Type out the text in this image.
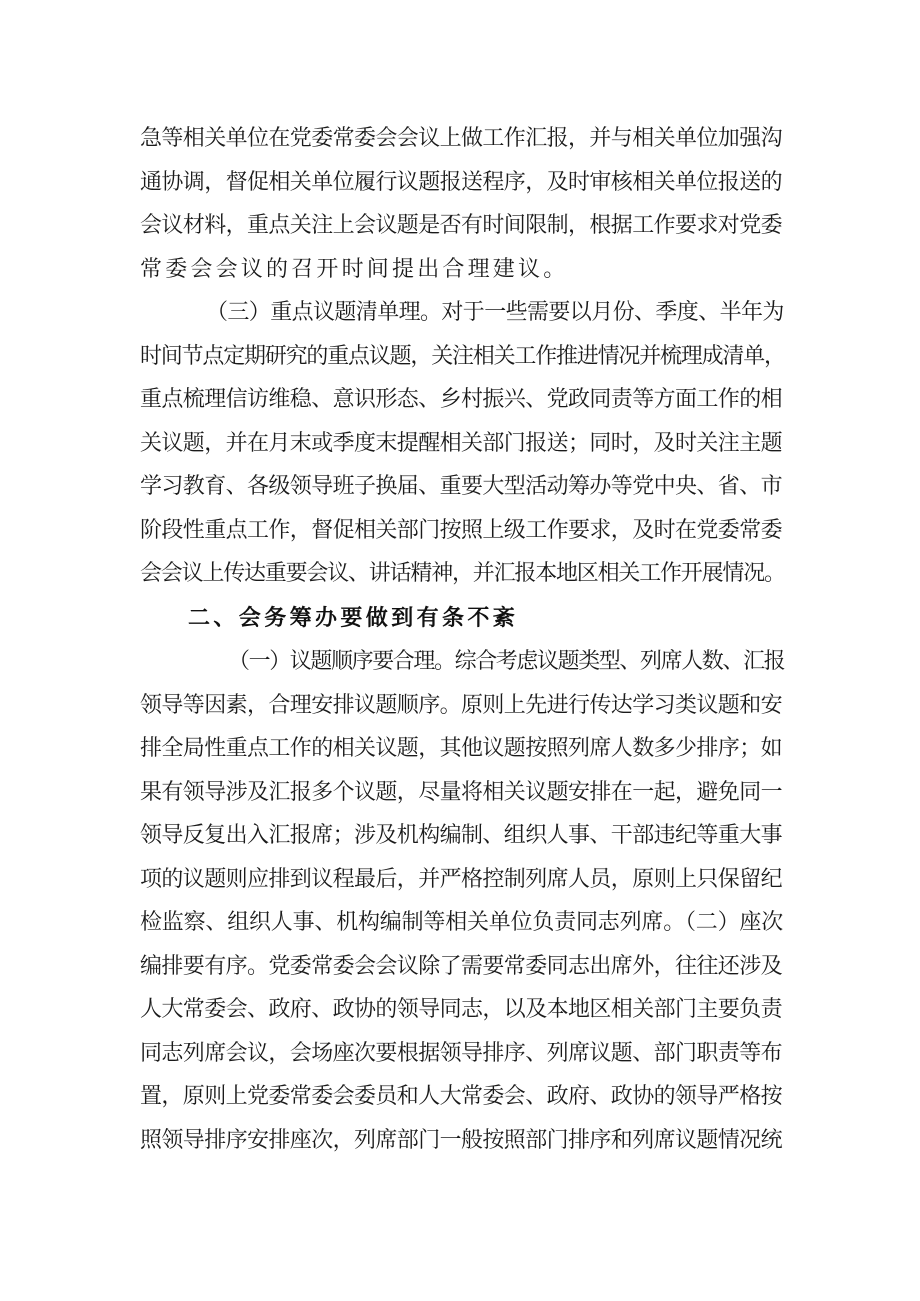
急等相关单位在党委常委会会议上做工作汇报，并与相关单位加强沟
通协调，督促相关单位履行议题报送程序，及时审核相关单位报送的
会议材料，重点关注上会议题是否有时间限制，根据工作要求对党委
常委会会议的召开时间提出合理建议。
（三）重点议题清单理。对于一些需要以月份、季度、半年为
时间节点定期研究的重点议题，关注相关工作推进情况并梳理成清单，
重点梳理信访维稳、意识形态、乡村振兴、党政同责等方面工作的相
关议题，并在月末或季度末提醒相关部门报送；同时，及时关注主题
学习教育、各级领导班子换届、重要大型活动筹办等党中央、省、市
阶段性重点工作，督促相关部门按照上级工作要求，及时在党委常委
会会议上传达重要会议、讲话精神，并汇报本地区相关工作开展情况。
二、会务筹办要做到有条不紊
（一）议题顺序要合理。综合考虑议题类型、列席人数、汇报
领导等因素，合理安排议题顺序。原则上先进行传达学习类议题和安
排全局性重点工作的相关议题，其他议题按照列席人数多少排序；如
果有领导涉及汇报多个议题，尽量将相关议题安排在一起，避免同一
领导反复出入汇报席；涉及机构编制、组织人事、干部违纪等重大事
项的议题则应排到议程最后，并严格控制列席人员，原则上只保留纪
检监察、组织人事、机构编制等相关单位负责同志列席。（二）座次
编排要有序。党委常委会会议除了需要常委同志出席外，往往还涉及
人大常委会、政府、政协的领导同志，以及本地区相关部门主要负责
同志列席会议，会场座次要根据领导排序、列席议题、部门职责等布
置，原则上党委常委会委员和人大常委会、政府、政协的领导严格按
照领导排序安排座次，列席部门一般按照部门排序和列席议题情况统
